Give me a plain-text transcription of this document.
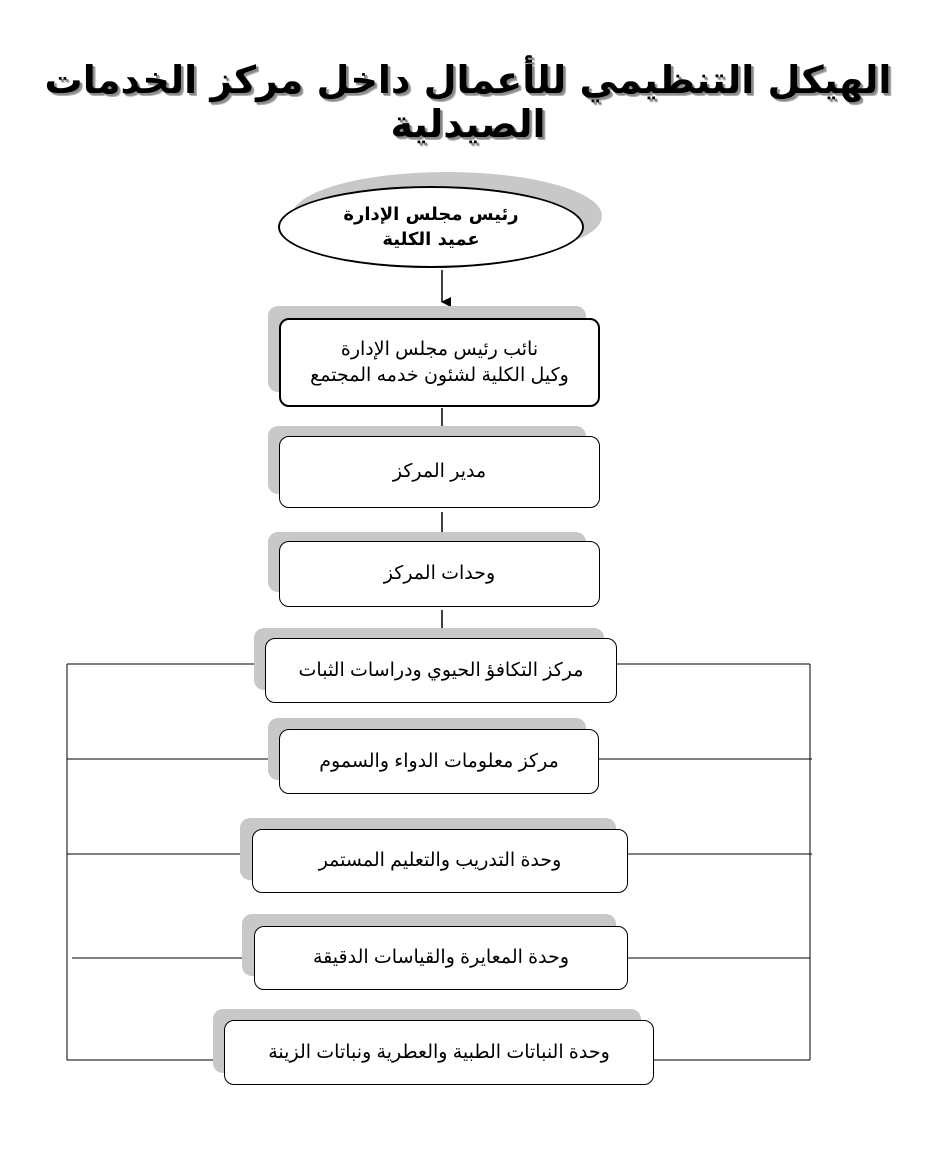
الهيكل التنظيمي للأعمال داخل مركز الخدمات الصيدلية
رئيس مجلس الإدارة
عميد الكلية
نائب رئيس مجلس الإدارة
وكيل الكلية لشئون خدمه المجتمع
مدير المركز
وحدات المركز
مركز التكافؤ الحيوي ودراسات الثبات
مركز معلومات الدواء والسموم
وحدة التدريب والتعليم المستمر
وحدة المعايرة والقياسات الدقيقة
وحدة النباتات الطبية والعطرية ونباتات الزينة
